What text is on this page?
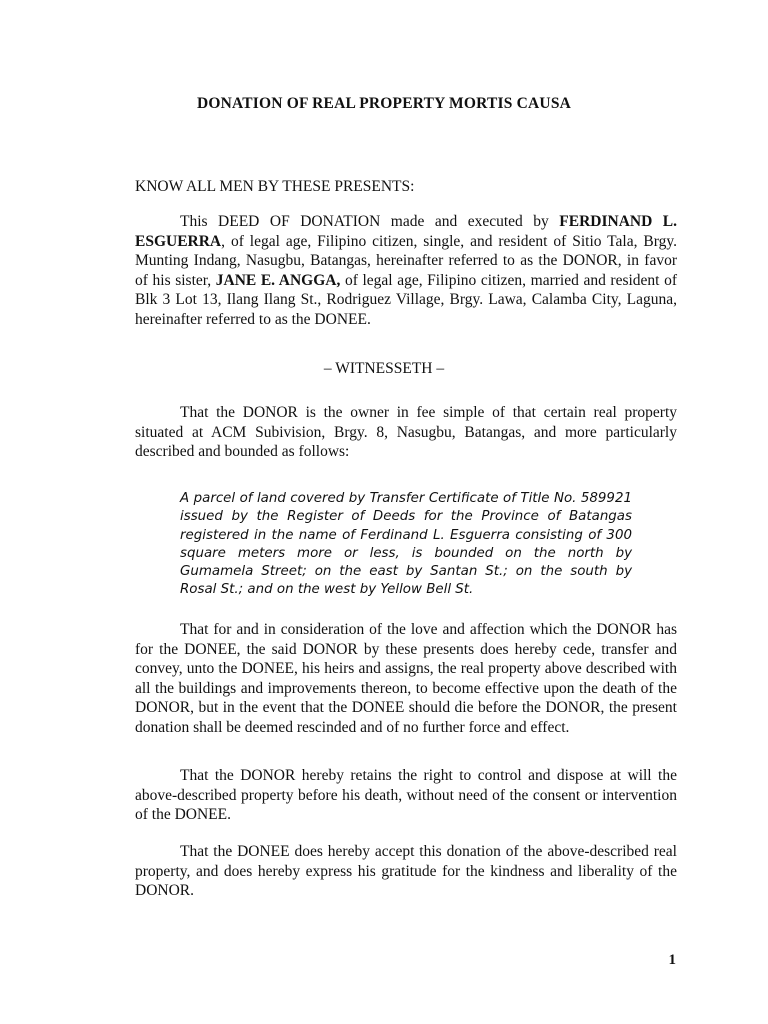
DONATION OF REAL PROPERTY MORTIS CAUSA
KNOW ALL MEN BY THESE PRESENTS:

This DEED OF DONATION made and executed by FERDINAND L. ESGUERRA, of legal age, Filipino citizen, single, and resident of Sitio Tala, Brgy. Munting Indang, Nasugbu, Batangas, hereinafter referred to as the DONOR, in favor of his sister, JANE E. ANGGA, of legal age, Filipino citizen, married and resident of Blk 3 Lot 13, Ilang Ilang St., Rodriguez Village, Brgy. Lawa, Calamba City, Laguna, hereinafter referred to as the DONEE.

– WITNESSETH –

That the DONOR is the owner in fee simple of that certain real property situated at ACM Subivision, Brgy. 8, Nasugbu, Batangas, and more particularly described and bounded as follows:

A parcel of land covered by Transfer Certificate of Title No. 589921 issued by the Register of Deeds for the Province of Batangas registered in the name of Ferdinand L. Esguerra consisting of 300 square meters more or less, is bounded on the north by Gumamela Street; on the east by Santan St.; on the south by Rosal St.; and on the west by Yellow Bell St.

That for and in consideration of the love and affection which the DONOR has for the DONEE, the said DONOR by these presents does hereby cede, transfer and convey, unto the DONEE, his heirs and assigns, the real property above described with all the buildings and improvements thereon, to become effective upon the death of the DONOR, but in the event that the DONEE should die before the DONOR, the present donation shall be deemed rescinded and of no further force and effect.

That the DONOR hereby retains the right to control and dispose at will the above-described property before his death, without need of the consent or intervention of the DONEE.

That the DONEE does hereby accept this donation of the above-described real property, and does hereby express his gratitude for the kindness and liberality of the DONOR.

1
